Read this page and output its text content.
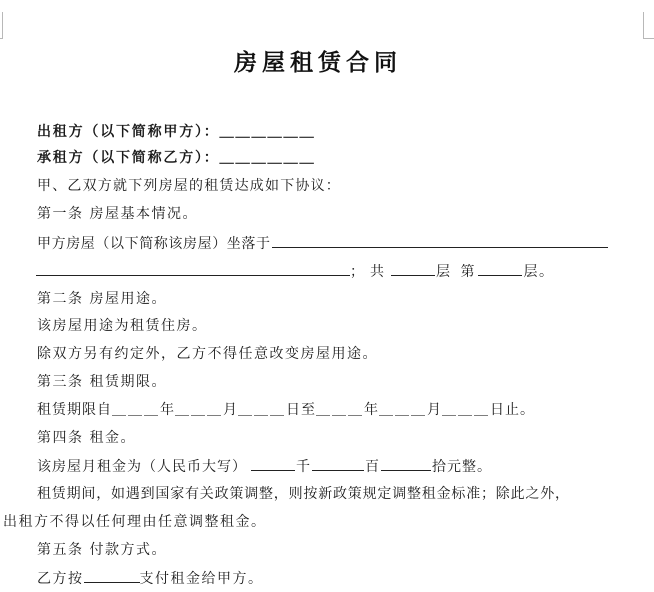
房屋租赁合同
出租方（以下简称甲方）：＿＿＿＿＿＿
承租方（以下简称乙方）：＿＿＿＿＿＿
甲、乙双方就下列房屋的租赁达成如下协议：
第一条 房屋基本情况。
甲方房屋（以下简称该房屋）坐落于
；共	层 第	层。
第二条 房屋用途。
该房屋用途为租赁住房。
除双方另有约定外，乙方不得任意改变房屋用途。
第三条 租赁期限。
租赁期限自＿＿＿年＿＿＿月＿＿＿日至＿＿＿年＿＿＿月＿＿＿日止。
第四条 租金。
该房屋月租金为（人民币大写）	千	百	拾元整。
租赁期间，如遇到国家有关政策调整，则按新政策规定调整租金标准；除此之外，
出租方不得以任何理由任意调整租金。
第五条 付款方式。
乙方按	支付租金给甲方。
